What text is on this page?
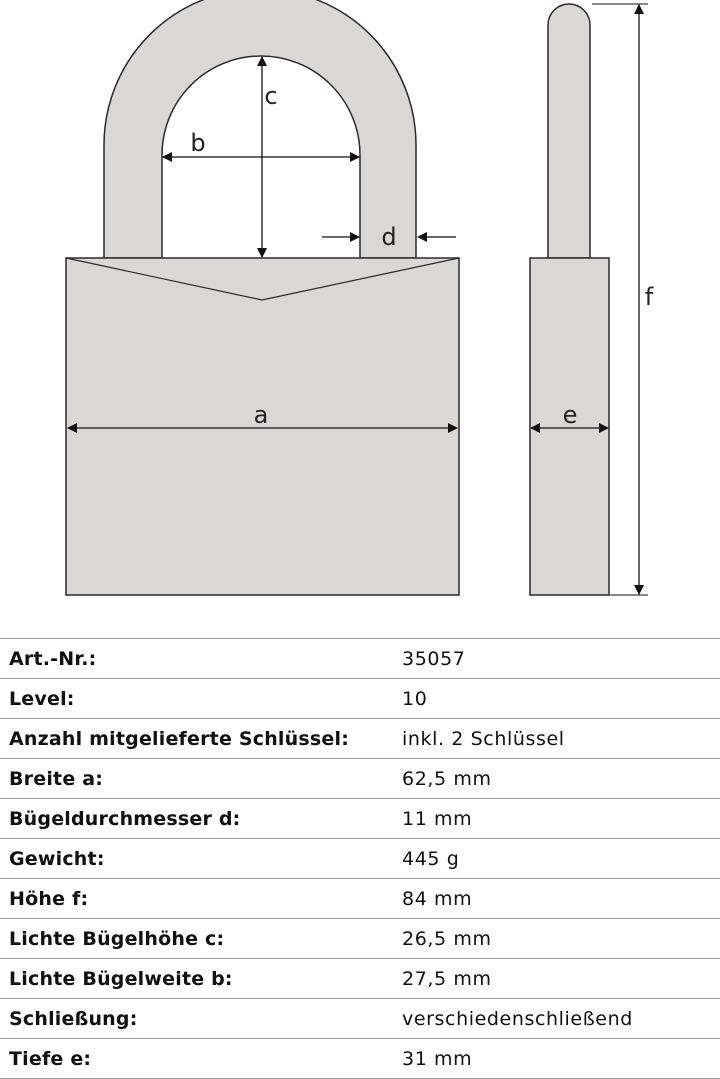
a
b
c
d
e
f
Art.-Nr.:	35057
Level:	10
Anzahl mitgelieferte Schlüssel:	inkl. 2 Schlüssel
Breite a:	62,5 mm
Bügeldurchmesser d:	11 mm
Gewicht:	445 g
Höhe f:	84 mm
Lichte Bügelhöhe c:	26,5 mm
Lichte Bügelweite b:	27,5 mm
Schließung:	verschiedenschließend
Tiefe e:	31 mm
